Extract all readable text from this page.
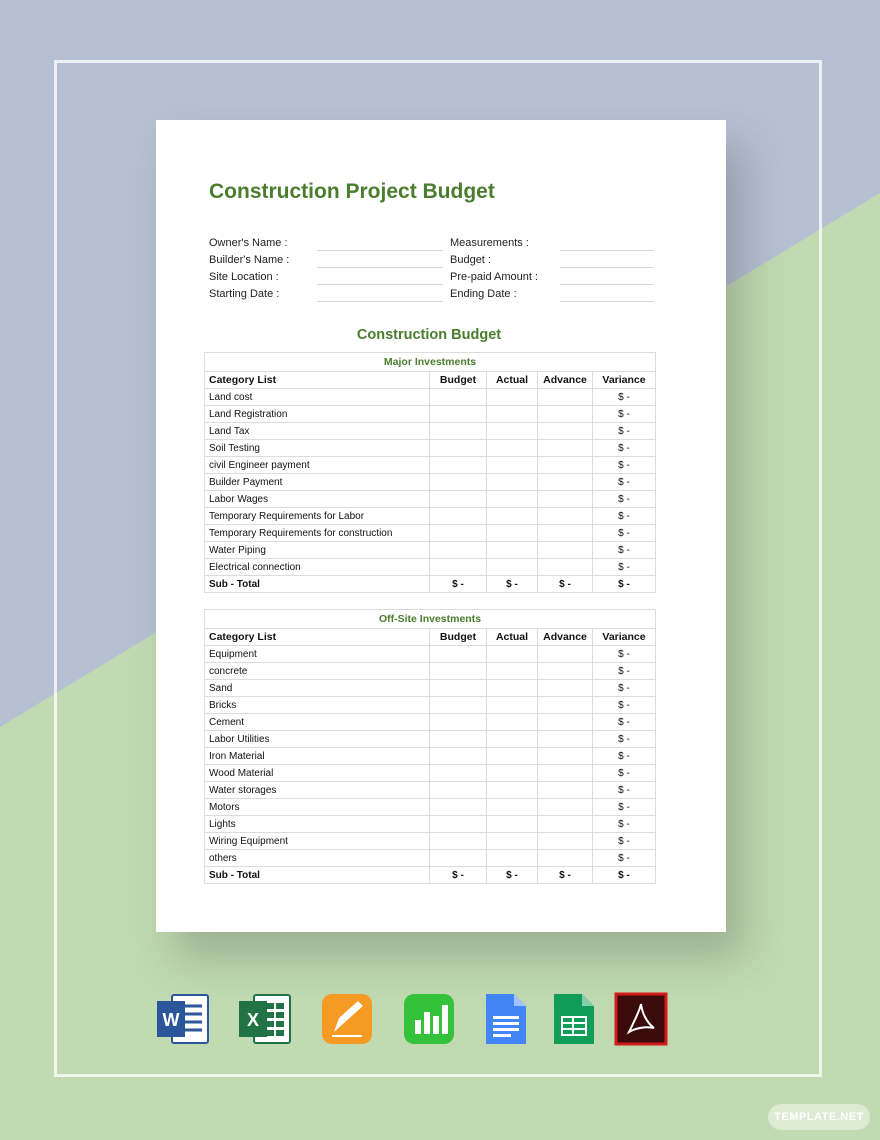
Construction Project Budget
Owner's Name :
Builder's Name :
Site Location :
Starting Date :
Measurements :
Budget :
Pre-paid Amount :
Ending Date :
Construction Budget
Major Investments				
Category List	Budget	Actual	Advance	Variance
Land cost				$ -
Land Registration				$ -
Land Tax				$ -
Soil Testing				$ -
civil Engineer payment				$ -
Builder Payment				$ -
Labor Wages				$ -
Temporary Requirements for Labor				$ -
Temporary Requirements for construction				$ -
Water Piping				$ -
Electrical connection				$ -
Sub - Total	$ -	$ -	$ -	$ -
Off-Site Investments				
Category List	Budget	Actual	Advance	Variance
Equipment				$ -
concrete				$ -
Sand				$ -
Bricks				$ -
Cement				$ -
Labor Utilities				$ -
Iron Material				$ -
Wood Material				$ -
Water storages				$ -
Motors				$ -
Lights				$ -
Wiring Equipment				$ -
others				$ -
Sub - Total	$ -	$ -	$ -	$ -
W	X
TEMPLATE.NET
